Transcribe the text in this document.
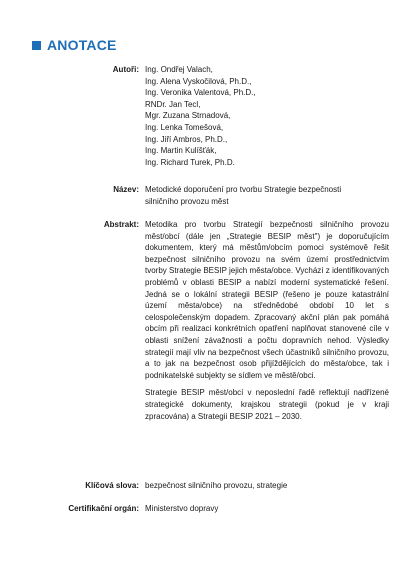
ANOTACE
Autoři: Ing. Ondřej Valach,
Ing. Alena Vyskočilová, Ph.D.,
Ing. Veronika Valentová, Ph.D.,
RNDr. Jan Tecl,
Mgr. Zuzana Strnadová,
Ing. Lenka Tomešová,
Ing. Jiří Ambros, Ph.D.,
Ing. Martin Kulíšťák,
Ing. Richard Turek, Ph.D.
Název: Metodické doporučení pro tvorbu Strategie bezpečnosti
silničního provozu měst
Abstrakt: Metodika pro tvorbu Strategií bezpečnosti silničního provozu měst/obcí (dále jen „Strategie BESIP měst") je doporučujícím dokumentem, který má městům/obcím pomoci systémově řešit bezpečnost silničního provozu na svém území prostřednictvím tvorby Strategie BESIP jejich města/obce. Vychází z identifikovaných problémů v oblasti BESIP a nabízí moderní systematické řešení. Jedná se o lokální strategii BESIP (řešeno je pouze katastrální území města/obce) na střednědobé období 10 let s celospolečenským dopadem. Zpracovaný akční plán pak pomáhá obcím při realizaci konkrétních opatření naplňovat stanovené cíle v oblasti snížení závažnosti a počtu dopravních nehod. Výsledky strategií mají vliv na bezpečnost všech účastníků silničního provozu, a to jak na bezpečnost osob přijíždějících do města/obce, tak i podnikatelské subjekty se sídlem ve městě/obci.

Strategie BESIP měst/obcí v neposlední řadě reflektují nadřízené strategické dokumenty, krajskou strategii (pokud je v kraji zpracována) a Strategii BESIP 2021 – 2030.

Klíčová slova: bezpečnost silničního provozu, strategie
Certifikační orgán: Ministerstvo dopravy
